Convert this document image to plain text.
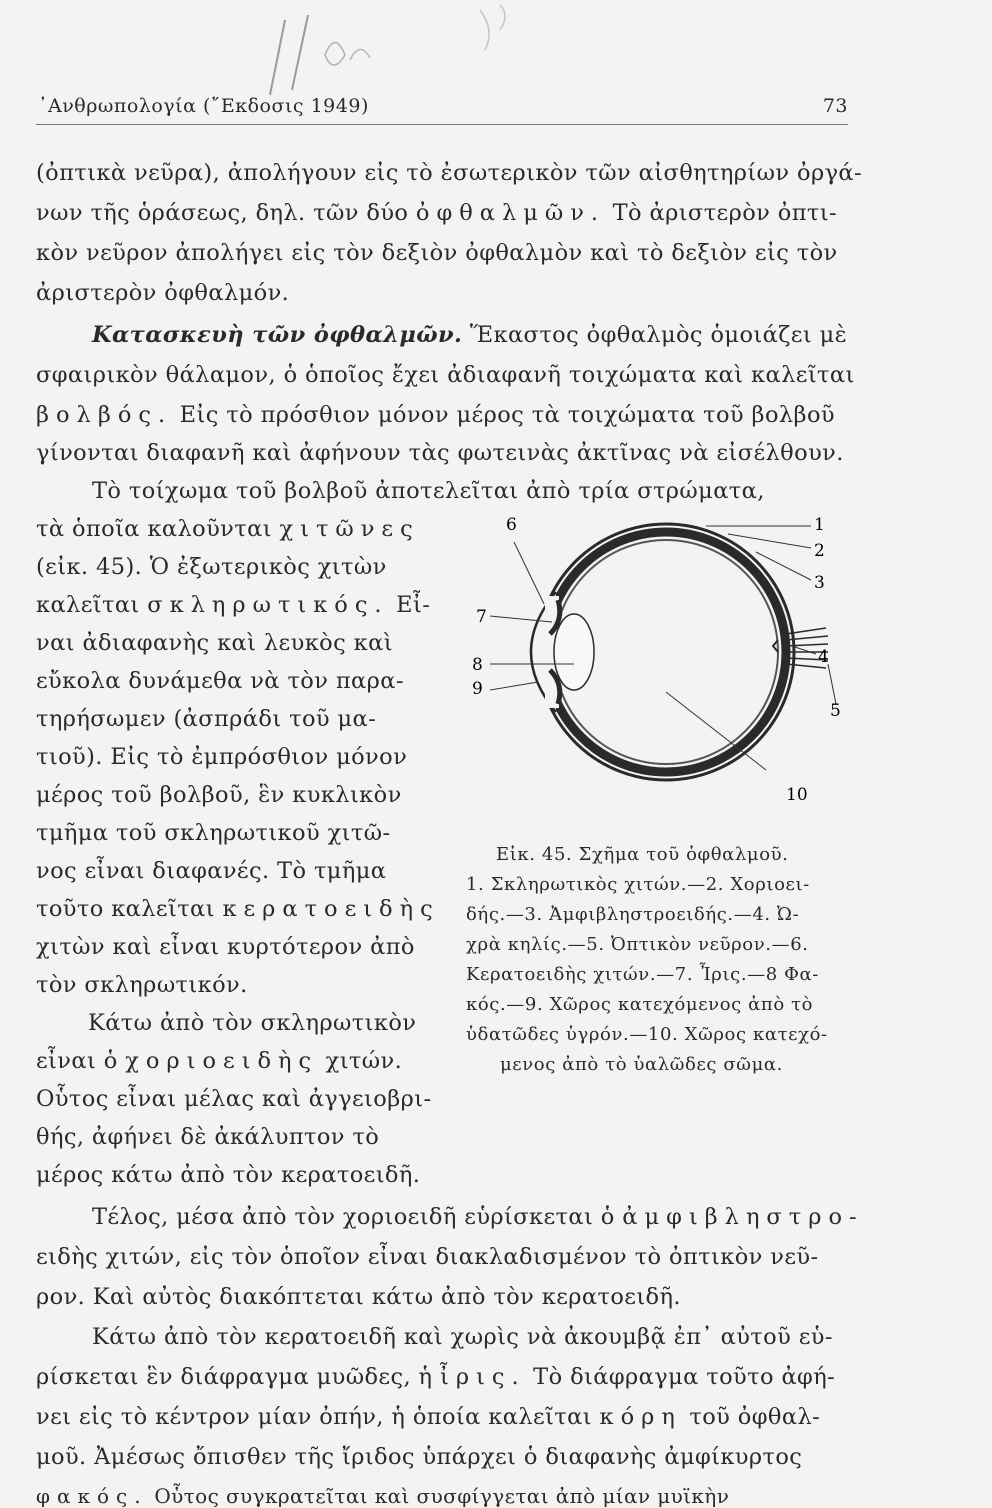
᾿Ανθρωπολογία (῎Εκδοσις 1949)	73
(ὀπτικὰ νεῦρα), ἀπολήγουν εἰς τὸ ἐσωτερικὸν τῶν αἰσθητηρίων ὀργά-
νων τῆς ὁράσεως, δηλ. τῶν δύο ὀφθαλμῶν. Τὸ ἀριστερὸν ὀπτι-
κὸν νεῦρον ἀπολήγει εἰς τὸν δεξιὸν ὀφθαλμὸν καὶ τὸ δεξιὸν εἰς τὸν
ἀριστερὸν ὀφθαλμόν.
Κατασκευὴ τῶν ὀφθαλμῶν. Ἕκαστος ὀφθαλμὸς ὁμοιάζει μὲ
σφαιρικὸν θάλαμον, ὁ ὁποῖος ἔχει ἀδιαφανῆ τοιχώματα καὶ καλεῖται
βολβός. Εἰς τὸ πρόσθιον μόνον μέρος τὰ τοιχώματα τοῦ βολβοῦ
γίνονται διαφανῆ καὶ ἀφήνουν τὰς φωτεινὰς ἀκτῖνας νὰ εἰσέλθουν.
Τὸ τοίχωμα τοῦ βολβοῦ ἀποτελεῖται ἀπὸ τρία στρώματα,
τὰ ὁποῖα καλοῦνται χιτῶνες
(εἰκ. 45). Ὁ ἐξωτερικὸς χιτὼν
καλεῖται σκληρωτικός. Εἶ-
ναι ἀδιαφανὴς καὶ λευκὸς καὶ
εὔκολα δυνάμεθα νὰ τὸν παρα-
τηρήσωμεν (ἀσπράδι τοῦ μα-
τιοῦ). Εἰς τὸ ἐμπρόσθιον μόνον
μέρος τοῦ βολβοῦ, ἓν κυκλικὸν
τμῆμα τοῦ σκληρωτικοῦ χιτῶ-
νος εἶναι διαφανές. Τὸ τμῆμα
τοῦτο καλεῖται κερατοειδὴς
χιτὼν καὶ εἶναι κυρτότερον ἀπὸ
τὸν σκληρωτικόν.
Κάτω ἀπὸ τὸν σκληρωτικὸν
εἶναι ὁ χοριοειδὴς χιτών.
Οὗτος εἶναι μέλας καὶ ἀγγειοβρι-
θής, ἀφήνει δὲ ἀκάλυπτον τὸ
μέρος κάτω ἀπὸ τὸν κερατοειδῆ.
Τέλος, μέσα ἀπὸ τὸν χοριοειδῆ εὑρίσκεται ὁ ἀμφιβληστρο-
ειδὴς χιτών, εἰς τὸν ὁποῖον εἶναι διακλαδισμένον τὸ ὀπτικὸν νεῦ-
ρον. Καὶ αὐτὸς διακόπτεται κάτω ἀπὸ τὸν κερατοειδῆ.
Κάτω ἀπὸ τὸν κερατοειδῆ καὶ χωρὶς νὰ ἀκουμβᾷ ἐπ᾿ αὐτοῦ εὑ-
ρίσκεται ἓν διάφραγμα μυῶδες, ἡ ἶρις. Τὸ διάφραγμα τοῦτο ἀφή-
νει εἰς τὸ κέντρον μίαν ὀπήν, ἡ ὁποία καλεῖται κόρη τοῦ ὀφθαλ-
μοῦ. Ἀμέσως ὄπισθεν τῆς ἴριδος ὑπάρχει ὁ διαφανὴς ἀμφίκυρτος
φακός. Οὗτος συγκρατεῖται καὶ συσφίγγεται ἀπὸ μίαν μυϊκὴν
1
2
3
4
5
6
7
8
9
10
Εἰκ. 45. Σχῆμα τοῦ ὀφθαλμοῦ.
1. Σκληρωτικὸς χιτών.—2. Χοριοει-
δής.—3. Ἀμφιβληστροειδής.—4. Ὠ-
χρὰ κηλίς.—5. Ὀπτικὸν νεῦρον.—6.
Κερατοειδὴς χιτών.—7. Ἶρις.—8 Φα-
κός.—9. Χῶρος κατεχόμενος ἀπὸ τὸ
ὑδατῶδες ὑγρόν.—10. Χῶρος κατεχό-
μενος ἀπὸ τὸ ὑαλῶδες σῶμα.
